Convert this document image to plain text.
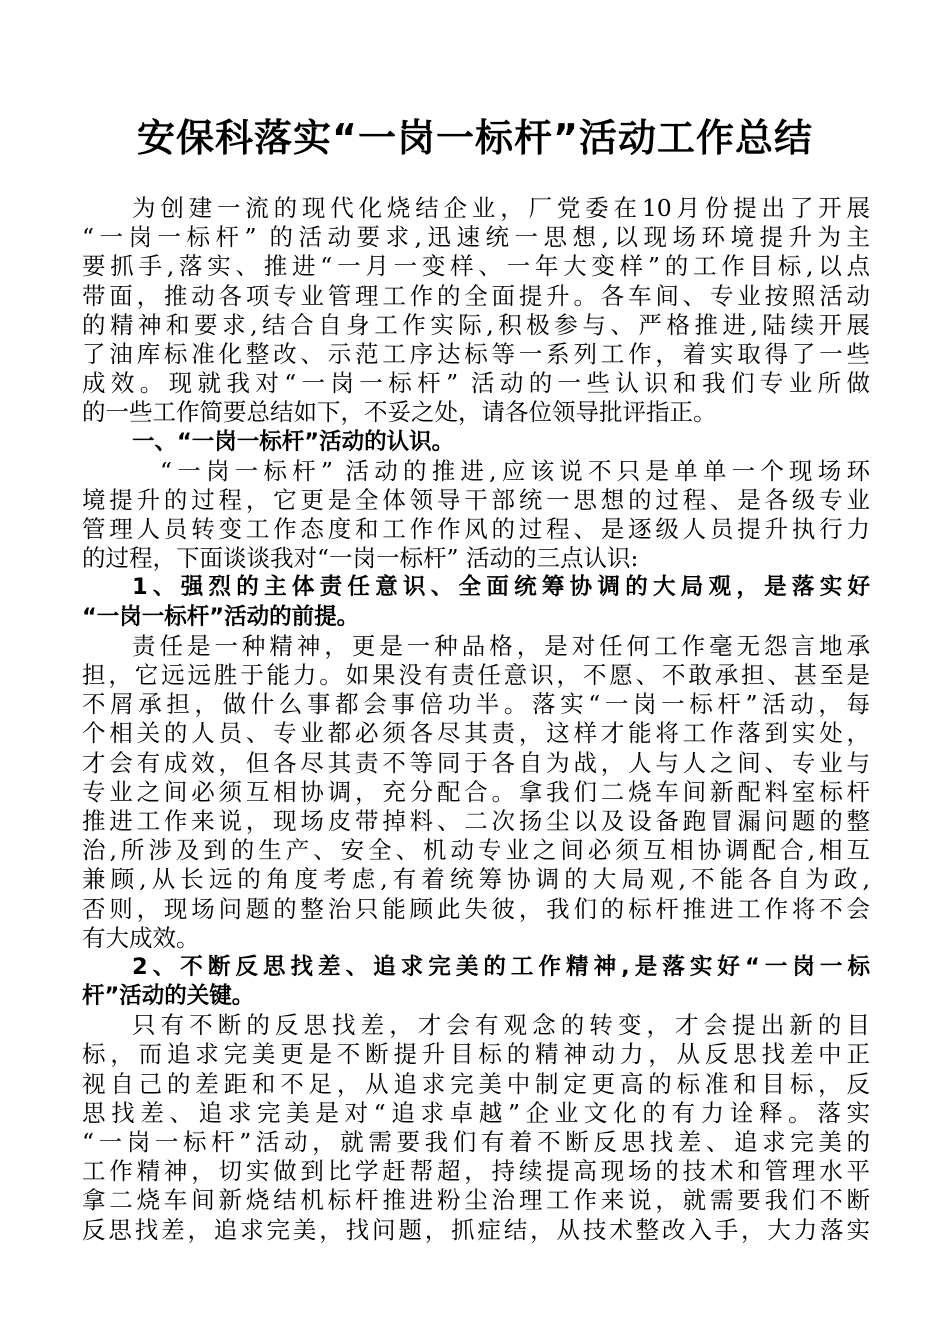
安保科落实“一岗一标杆”活动工作总结
为创建一流的现代化烧结企业，厂党委在10月份提出了开展
“一岗一标杆” 的活动要求,迅速统一思想,以现场环境提升为主
要抓手,落实、推进“一月一变样、一年大变样”的工作目标,以点
带面，推动各项专业管理工作的全面提升。各车间、专业按照活动
的精神和要求,结合自身工作实际,积极参与、严格推进,陆续开展
了油库标准化整改、示范工序达标等一系列工作，着实取得了一些
成效。现就我对“一岗一标杆” 活动的一些认识和我们专业所做
的一些工作简要总结如下，不妥之处，请各位领导批评指正。
一、“一岗一标杆”活动的认识。
“一岗一标杆” 活动的推进,应该说不只是单单一个现场环
境提升的过程，它更是全体领导干部统一思想的过程、是各级专业
管理人员转变工作态度和工作作风的过程、是逐级人员提升执行力
的过程，下面谈谈我对“一岗一标杆” 活动的三点认识:
1、强烈的主体责任意识、全面统筹协调的大局观，是落实好
“一岗一标杆”活动的前提。
责任是一种精神，更是一种品格，是对任何工作毫无怨言地承
担，它远远胜于能力。如果没有责任意识，不愿、不敢承担、甚至是
不屑承担，做什么事都会事倍功半。落实“一岗一标杆”活动，每
个相关的人员、专业都必须各尽其责，这样才能将工作落到实处，
才会有成效，但各尽其责不等同于各自为战，人与人之间、专业与
专业之间必须互相协调，充分配合。拿我们二烧车间新配料室标杆
推进工作来说，现场皮带掉料、二次扬尘以及设备跑冒漏问题的整
治,所涉及到的生产、安全、机动专业之间必须互相协调配合,相互
兼顾,从长远的角度考虑,有着统筹协调的大局观,不能各自为政,
否则，现场问题的整治只能顾此失彼，我们的标杆推进工作将不会
有大成效。
2、不断反思找差、追求完美的工作精神,是落实好“一岗一标
杆”活动的关键。
只有不断的反思找差，才会有观念的转变，才会提出新的目
标，而追求完美更是不断提升目标的精神动力，从反思找差中正
视自己的差距和不足，从追求完美中制定更高的标准和目标，反
思找差、追求完美是对“追求卓越”企业文化的有力诠释。落实
“一岗一标杆”活动，就需要我们有着不断反思找差、追求完美的
工作精神，切实做到比学赶帮超，持续提高现场的技术和管理水平
拿二烧车间新烧结机标杆推进粉尘治理工作来说，就需要我们不断
反思找差，追求完美，找问题，抓症结，从技术整改入手，大力落实
